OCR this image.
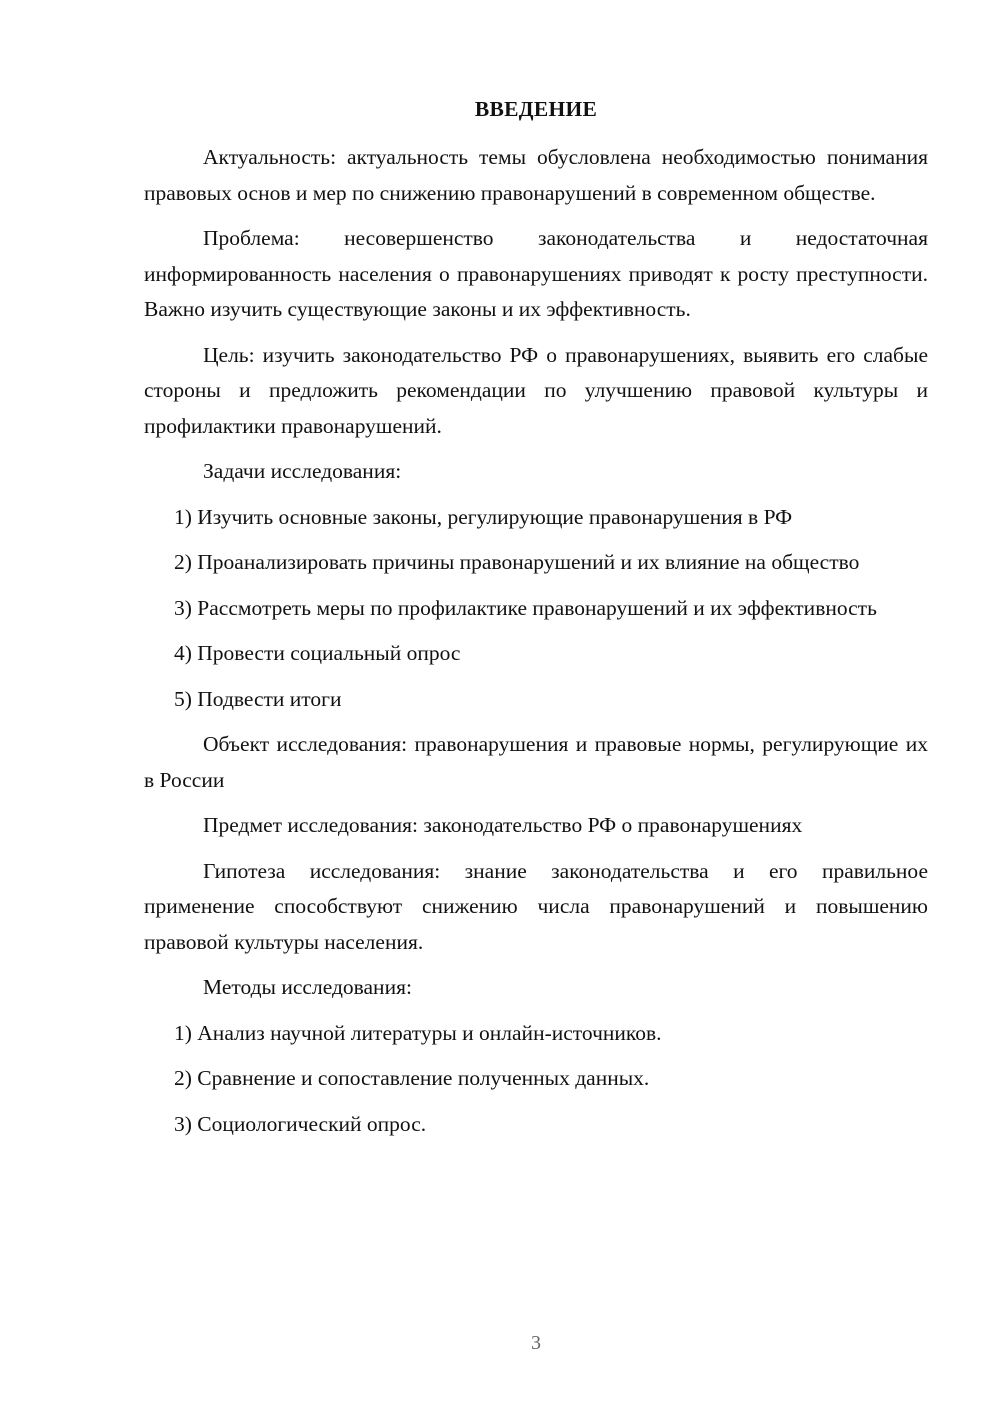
ВВЕДЕНИЕ

Актуальность: актуальность темы обусловлена необходимостью понимания правовых основ и мер по снижению правонарушений в современном обществе.

Проблема: несовершенство законодательства и недостаточная информированность населения о правонарушениях приводят к росту преступности. Важно изучить существующие законы и их эффективность.

Цель: изучить законодательство РФ о правонарушениях, выявить его слабые стороны и предложить рекомендации по улучшению правовой культуры и профилактики правонарушений.

Задачи исследования:

1) Изучить основные законы, регулирующие правонарушения в РФ

2) Проанализировать причины правонарушений и их влияние на общество

3) Рассмотреть меры по профилактике правонарушений и их эффективность

4) Провести социальный опрос

5) Подвести итоги

Объект исследования: правонарушения и правовые нормы, регулирующие их в России

Предмет исследования: законодательство РФ о правонарушениях

Гипотеза исследования: знание законодательства и его правильное применение способствуют снижению числа правонарушений и повышению правовой культуры населения.

Методы исследования:

1) Анализ научной литературы и онлайн-источников.

2) Сравнение и сопоставление полученных данных.

3) Социологический опрос.

3
